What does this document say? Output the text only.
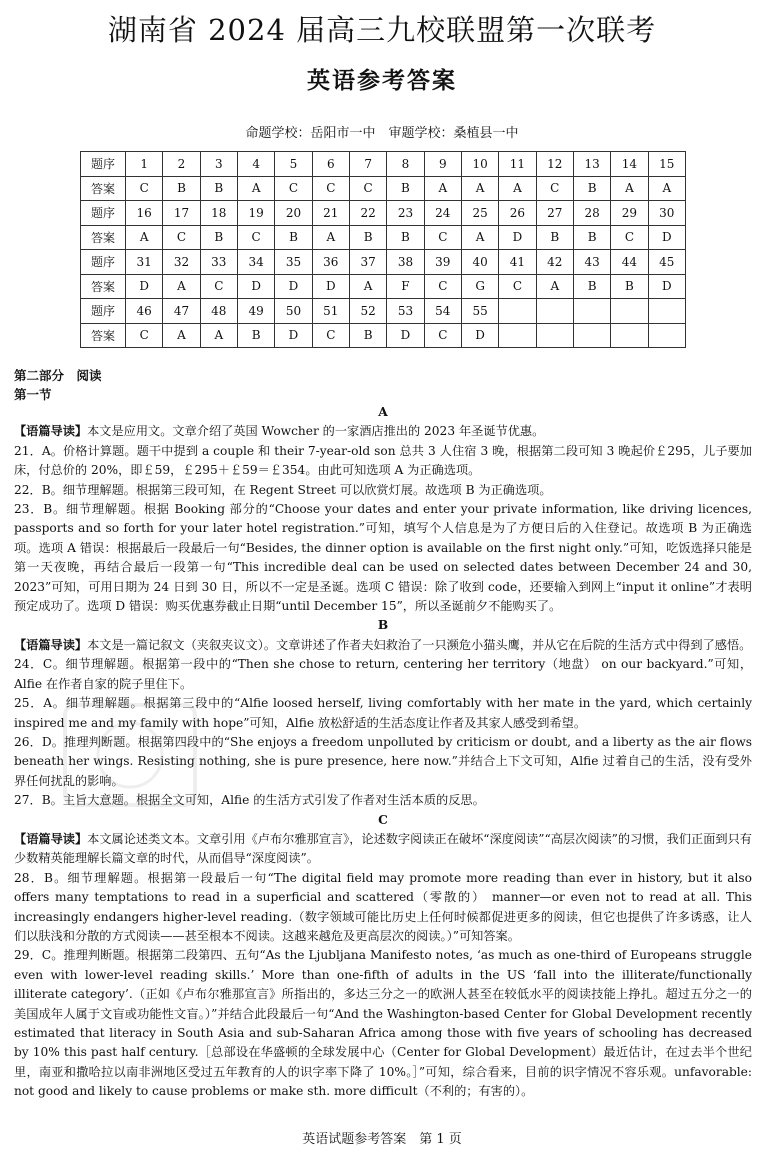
湖南省 2024 届高三九校联盟第一次联考
英语参考答案
命题学校：岳阳市一中　审题学校：桑植县一中
题序	1	2	3	4	5	6	7	8	9	10	11	12	13	14	15
答案	C	B	B	A	C	C	C	B	A	A	A	C	B	A	A
题序	16	17	18	19	20	21	22	23	24	25	26	27	28	29	30
答案	A	C	B	C	B	A	B	B	C	A	D	B	B	C	D
题序	31	32	33	34	35	36	37	38	39	40	41	42	43	44	45
答案	D	A	C	D	D	D	A	F	C	G	C	A	B	B	D
题序	46	47	48	49	50	51	52	53	54	55					
答案	C	A	A	B	D	C	B	D	C	D					
第二部分　阅读
第一节

A

【语篇导读】本文是应用文。文章介绍了英国 Wowcher 的一家酒店推出的 2023 年圣诞节优惠。

21．A。价格计算题。题干中提到 a couple 和 their 7-year-old son 总共 3 人住宿 3 晚，根据第二段可知 3 晚起价￡295，儿子要加床，付总价的 20%，即￡59，￡295＋￡59＝￡354。由此可知选项 A 为正确选项。

22．B。细节理解题。根据第三段可知，在 Regent Street 可以欣赏灯展。故选项 B 为正确选项。

23．B。细节理解题。根据 Booking 部分的“Choose your dates and enter your private information, like driving licences, passports and so forth for your later hotel registration.”可知，填写个人信息是为了方便日后的入住登记。故选项 B 为正确选项。选项 A 错误：根据最后一段最后一句“Besides, the dinner option is available on the first night only.”可知，吃饭选择只能是第一天夜晚，再结合最后一段第一句“This incredible deal can be used on selected dates between December 24 and 30, 2023”可知，可用日期为 24 日到 30 日，所以不一定是圣诞。选项 C 错误：除了收到 code，还要输入到网上“input it online”才表明预定成功了。选项 D 错误：购买优惠券截止日期“until December 15”，所以圣诞前夕不能购买了。

B

【语篇导读】本文是一篇记叙文（夹叙夹议文）。文章讲述了作者夫妇救治了一只濒危小猫头鹰，并从它在后院的生活方式中得到了感悟。

24．C。细节理解题。根据第一段中的“Then she chose to return, centering her territory（地盘） on our backyard.”可知，Alfie 在作者自家的院子里住下。

25．A。细节理解题。根据第三段中的“Alfie loosed herself, living comfortably with her mate in the yard, which certainly inspired me and my family with hope”可知，Alfie 放松舒适的生活态度让作者及其家人感受到希望。

26．D。推理判断题。根据第四段中的“She enjoys a freedom unpolluted by criticism or doubt, and a liberty as the air flows beneath her wings. Resisting nothing, she is pure presence, here now.”并结合上下文可知，Alfie 过着自己的生活，没有受外界任何扰乱的影响。

27．B。主旨大意题。根据全文可知，Alfie 的生活方式引发了作者对生活本质的反思。

C

【语篇导读】本文属论述类文本。文章引用《卢布尔雅那宣言》，论述数字阅读正在破坏“深度阅读”“高层次阅读”的习惯，我们正面到只有少数精英能理解长篇文章的时代，从而倡导“深度阅读”。

28．B。细节理解题。根据第一段最后一句“The digital field may promote more reading than ever in history, but it also offers many temptations to read in a superficial and scattered（零散的） manner—or even not to read at all. This increasingly endangers higher-level reading.（数字领域可能比历史上任何时候都促进更多的阅读，但它也提供了许多诱惑，让人们以肤浅和分散的方式阅读——甚至根本不阅读。这越来越危及更高层次的阅读。）”可知答案。

29．C。推理判断题。根据第二段第四、五句“As the Ljubljana Manifesto notes, ‘as much as one-third of Europeans struggle even with lower-level reading skills.’ More than one-fifth of adults in the US ‘fall into the illiterate/functionally illiterate category’.（正如《卢布尔雅那宣言》所指出的，多达三分之一的欧洲人甚至在较低水平的阅读技能上挣扎。超过五分之一的美国成年人属于文盲或功能性文盲。）”并结合此段最后一句“And the Washington-based Center for Global Development recently estimated that literacy in South Asia and sub-Saharan Africa among those with five years of schooling has decreased by 10% this past half century.［总部设在华盛顿的全球发展中心（Center for Global Development）最近估计，在过去半个世纪里，南亚和撒哈拉以南非洲地区受过五年教育的人的识字率下降了 10%。］”可知，综合看来，目前的识字情况不容乐观。unfavorable: not good and likely to cause problems or make sth. more difficult（不利的；有害的）。

英语试题参考答案　第 1 页
